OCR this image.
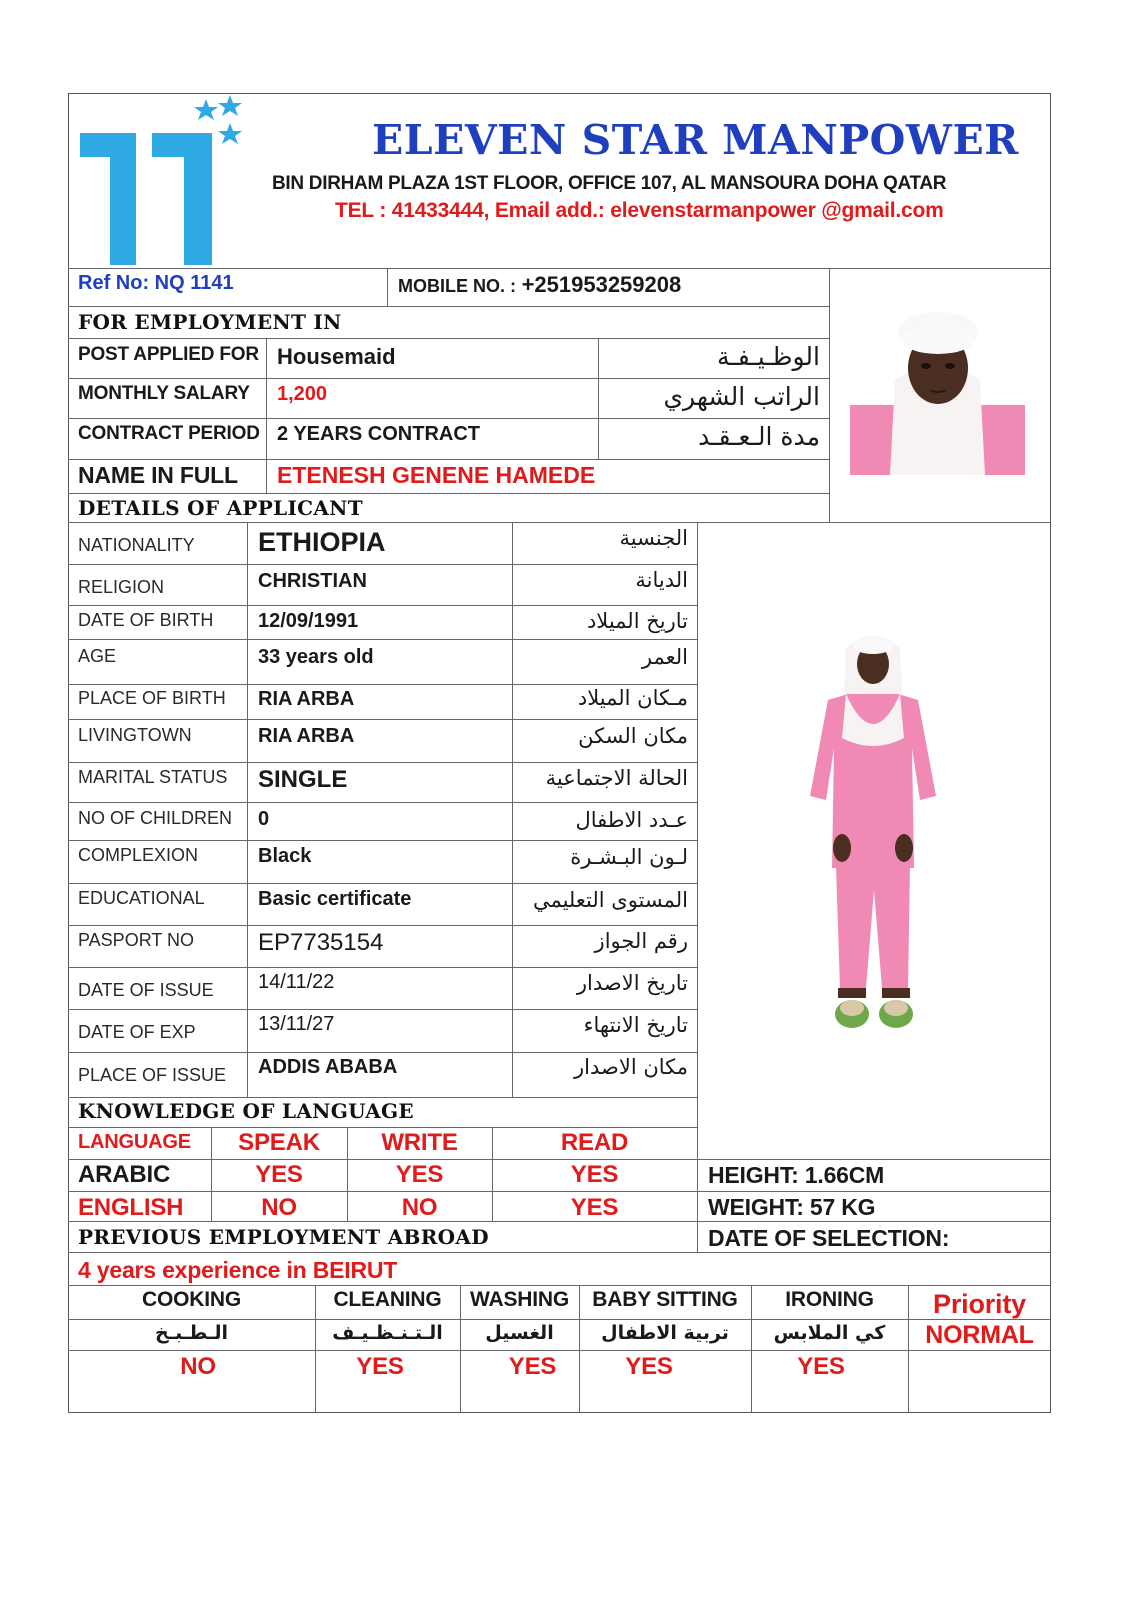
ELEVEN STAR MANPOWER
BIN DIRHAM PLAZA 1ST FLOOR, OFFICE 107, AL MANSOURA DOHA QATAR
TEL : 41433444, Email add.: elevenstarmanpower @gmail.com
Ref No: NQ 1141	MOBILE NO. : +251953259208
FOR EMPLOYMENT IN
POST APPLIED FOR Housemaid	الوظـيـفـة
MONTHLY SALARY 1,200	الراتب الشهري
CONTRACT PERIOD 2 YEARS CONTRACT	مدة الـعـقـد
NAME IN FULL ETENESH GENENE HAMEDE
DETAILS OF APPLICANT
NATIONALITY ETHIOPIA	الجنسية
RELIGION	CHRISTIAN	الديانة
DATE OF BIRTH 12/09/1991	تاريخ الميلاد
AGE	33 years old	العمر
PLACE OF BIRTH RIA ARBA	مـكان الميلاد
LIVINGTOWN	RIA ARBA	مكان السكن
MARITAL STATUS SINGLE	الحالة الاجتماعية
NO OF CHILDREN 0	عـدد الاطفال
COMPLEXION	Black	لـون البـشـرة
EDUCATIONAL	Basic certificate	المستوى التعليمي
PASPORT NO	EP7735154	رقم الجواز
DATE OF ISSUE 14/11/22	تاريخ الاصدار
DATE OF EXP	13/11/27	تاريخ الانتهاء
PLACE OF ISSUE ADDIS ABABA	مكان الاصدار
KNOWLEDGE OF LANGUAGE
LANGUAGE	SPEAK	WRITE	READ
ARABIC	YES	YES	YES	HEIGHT: 1.66CM
ENGLISH	NO	NO	YES	WEIGHT: 57 KG
PREVIOUS EMPLOYMENT ABROAD	DATE OF SELECTION:
4 years experience in BEIRUT
COOKING	CLEANING	WASHING	BABY SITTING	IRONING	Priority
الـطـبـخ	الـتـنـظـيـف	الغسيل	تربية الاطفال	كي الملابس	NORMAL
NO	YES	YES	YES	YES
